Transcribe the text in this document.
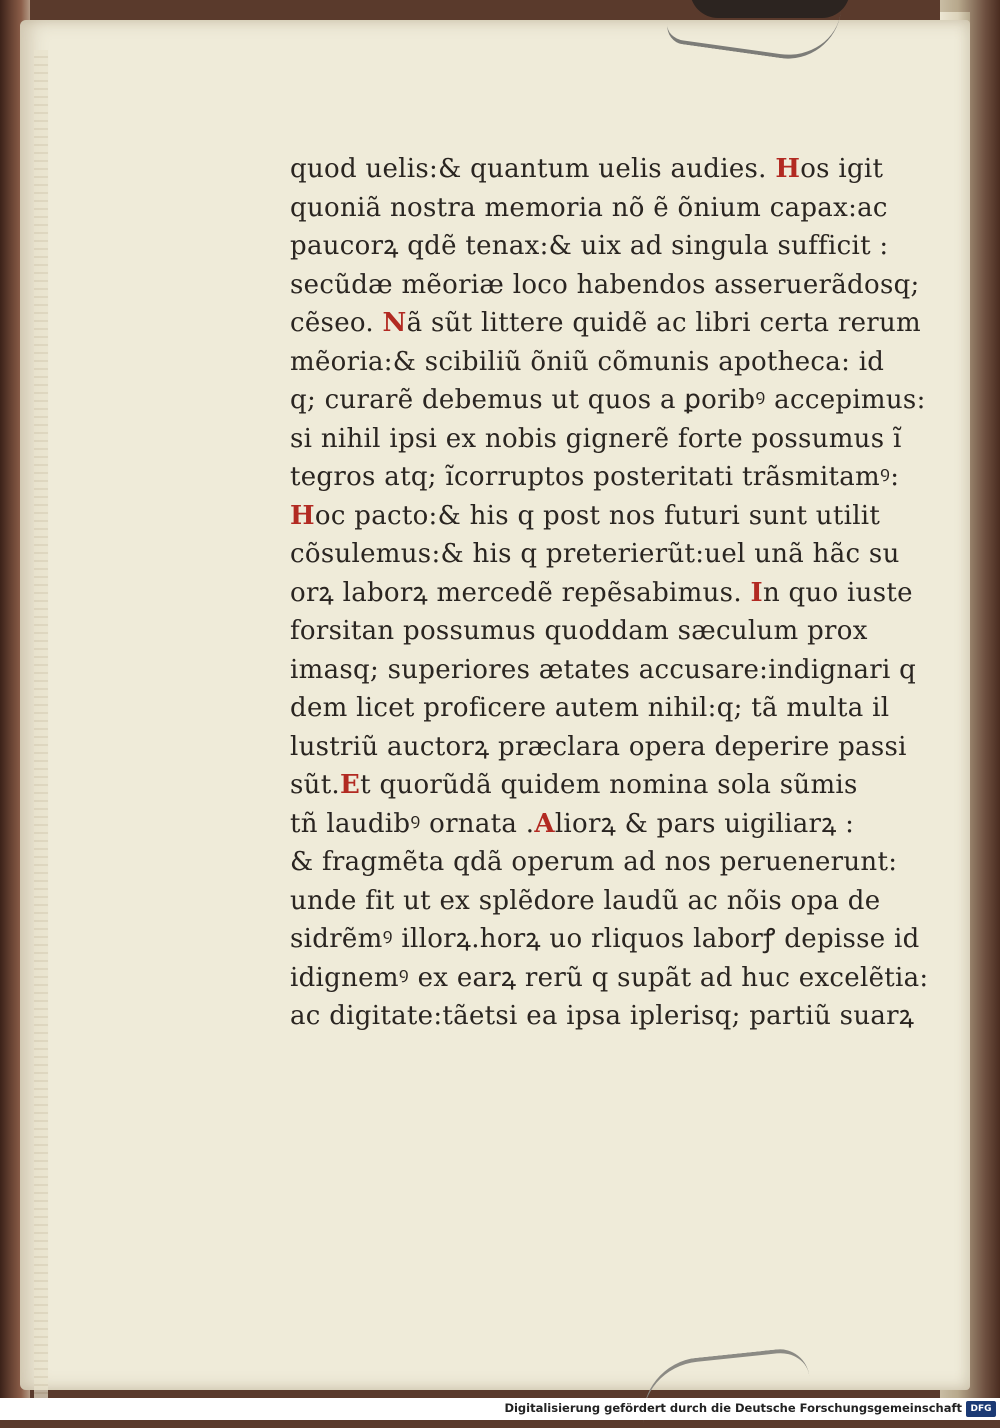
quod uelis:& quantum uelis audies. Hos igit
quoniã nostra memoria nõ ẽ õnium capax:ac
paucorꝝ qdẽ tenax:& uix ad singula sufficit :
secũdæ mẽoriæ loco habendos asseruerãdosq;
cẽseo. Nã sũt littere quidẽ ac libri certa rerum
mẽoria:& scibiliũ õniũ cõmunis apotheca: id
q; curarẽ debemus ut quos a ꝑoribꝰ accepimus:
si nihil ipsi ex nobis gignerẽ forte possumus ĩ
tegros atq; ĩcorruptos posteritati trãsmitamꝰ:
Hoc pacto:& his q post nos futuri sunt utilit
cõsulemus:& his q preterierũt:uel unã hãc su
orꝝ laborꝝ mercedẽ repẽsabimus. In quo iuste
forsitan possumus quoddam sæculum prox
imasq; superiores ætates accusare:indignari q
dem licet proficere autem nihil:q; tã multa il
lustriũ auctorꝝ præclara opera deperire passi
sũt.Et quorũdã quidem nomina sola sũmis
tñ laudibꝰ ornata .Aliorꝝ & pars uigiliarꝝ :
& fragmẽta qdã operum ad nos peruenerunt:
unde fit ut ex splẽdore laudũ ac nõis opa de
sidrẽmꝰ illorꝝ.horꝝ uo rliquos laborꝭ depisse id
idignemꝰ ex earꝝ rerũ q supãt ad huc excelẽtia:
ac digitate:tãetsi ea ipsa iplerisq; partiũ suarꝝ
Digitalisierung gefördert durch die Deutsche Forschungsgemeinschaft DFG
